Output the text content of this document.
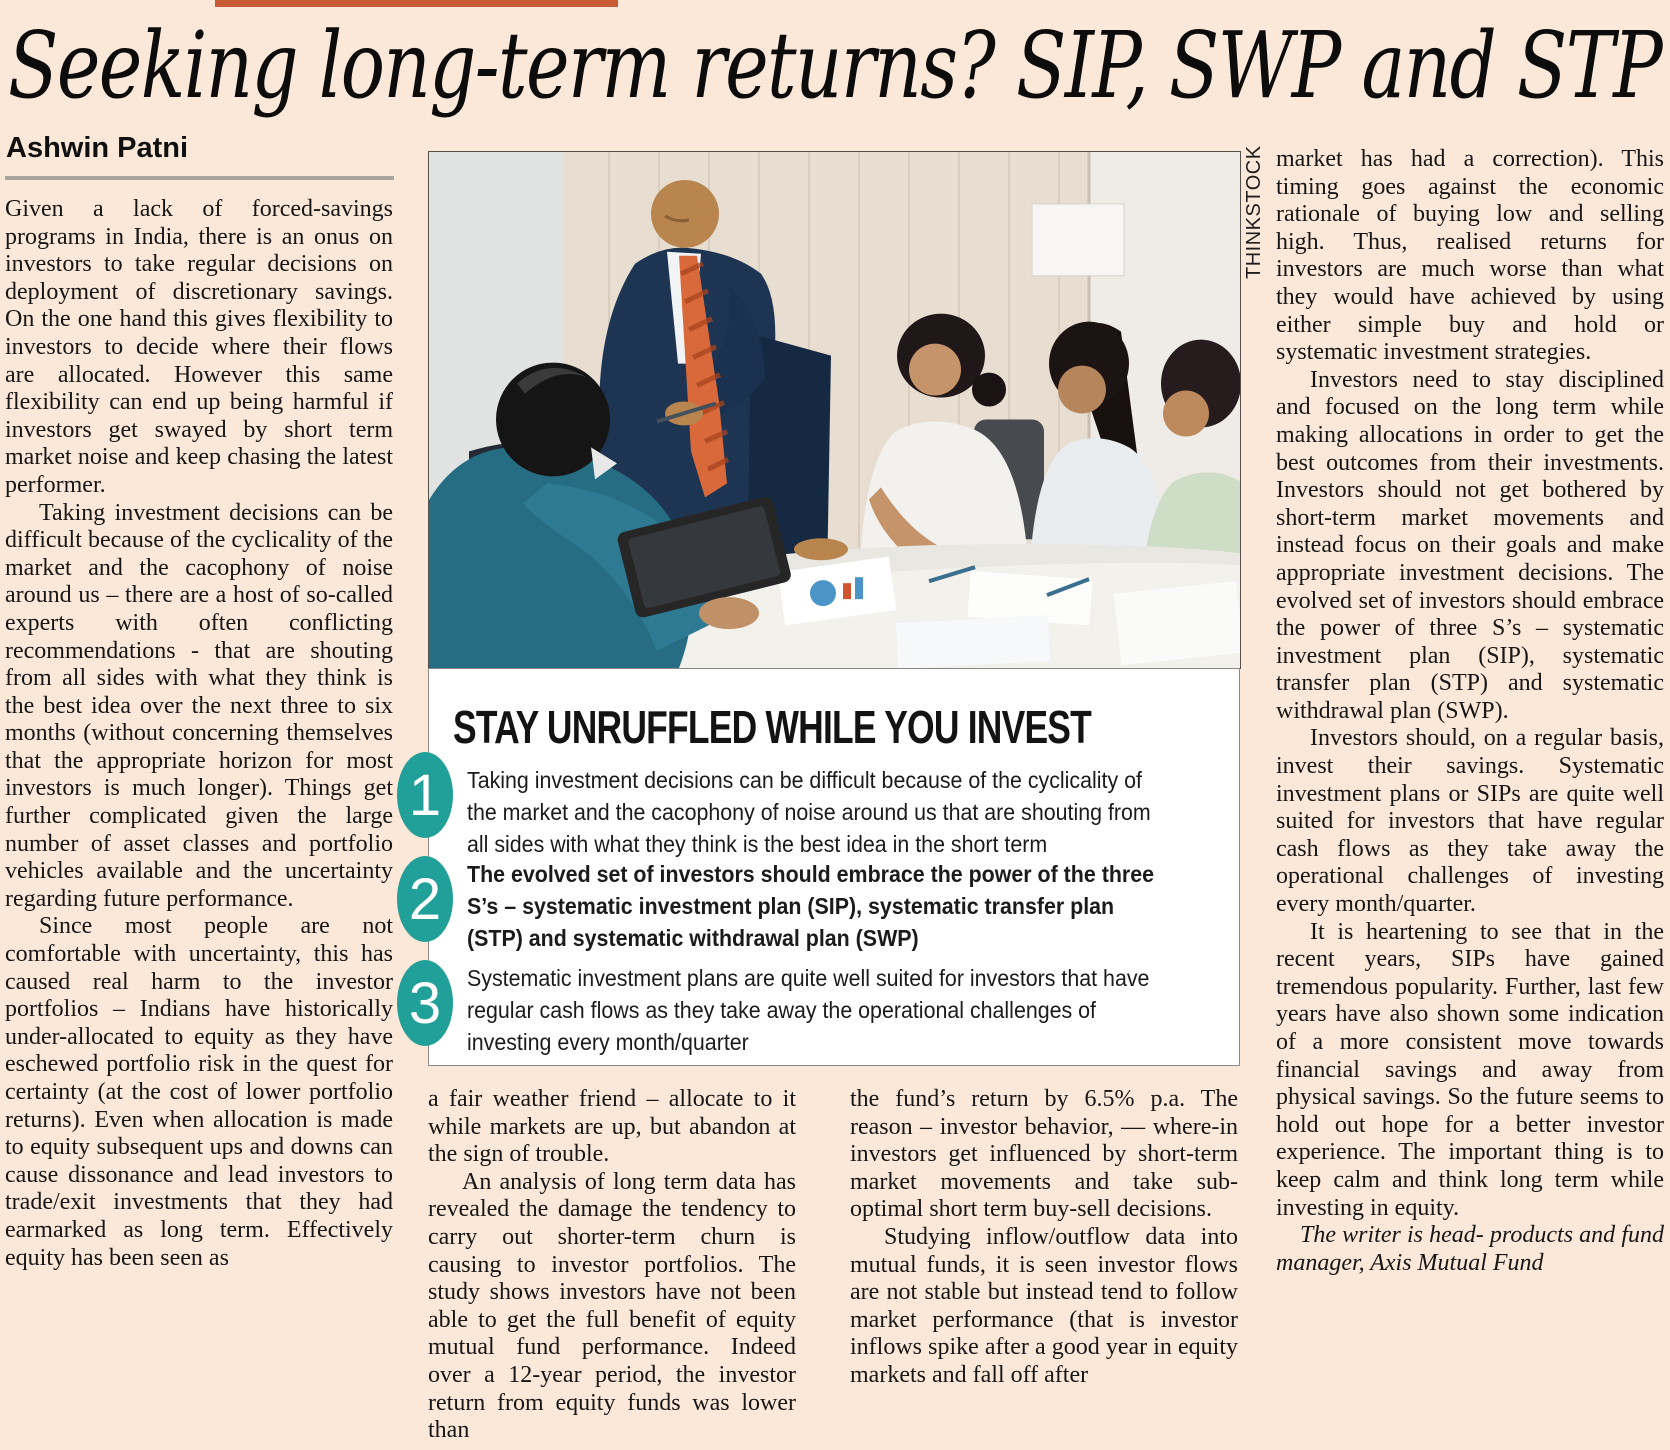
Seeking long-term returns? SIP, SWP and STP
Ashwin Patni

Given a lack of forced-savings programs in India, there is an onus on investors to take regular decisions on deployment of discretionary savings. On the one hand this gives flexibility to investors to decide where their flows are allocated. However this same flexibility can end up being harmful if investors get swayed by short term market noise and keep chasing the latest performer.

Taking investment decisions can be difficult because of the cyclicality of the market and the cacophony of noise around us – there are a host of so-called experts with often conflicting recommendations - that are shouting from all sides with what they think is the best idea over the next three to six months (without concerning themselves that the appropriate horizon for most investors is much longer). Things get further complicated given the large number of asset classes and portfolio vehicles available and the uncertainty regarding future performance.

Since most people are not comfortable with uncertainty, this has caused real harm to the investor portfolios – Indians have historically under-allocated to equity as they have eschewed portfolio risk in the quest for certainty (at the cost of lower portfolio returns). Even when allocation is made to equity subsequent ups and downs can cause dissonance and lead investors to trade/exit investments that they had earmarked as long term. Effectively equity has been seen as

THINKSTOCK
STAY UNRUFFLED WHILE YOU INVEST
1	Taking investment decisions can be difficult because of the cyclicality of the market and the cacophony of noise around us that are shouting from all sides with what they think is the best idea in the short term
2	The evolved set of investors should embrace the power of the three S’s – systematic investment plan (SIP), systematic transfer plan (STP) and systematic withdrawal plan (SWP)
3	Systematic investment plans are quite well suited for investors that have regular cash flows as they take away the operational challenges of investing every month/quarter

a fair weather friend – allocate to it while markets are up, but abandon at the sign of trouble.

An analysis of long term data has revealed the damage the tendency to carry out shorter-term churn is causing to investor portfolios. The study shows investors have not been able to get the full benefit of equity mutual fund performance. Indeed over a 12-year period, the investor return from equity funds was lower than

the fund’s return by 6.5% p.a. The reason – investor behavior, — where-in investors get influenced by short-term market movements and take sub-optimal short term buy-sell decisions.

Studying inflow/outflow data into mutual funds, it is seen investor flows are not stable but instead tend to follow market performance (that is investor inflows spike after a good year in equity markets and fall off after

market has had a correction). This timing goes against the economic rationale of buying low and selling high. Thus, realised returns for investors are much worse than what they would have achieved by using either simple buy and hold or systematic investment strategies.

Investors need to stay disciplined and focused on the long term while making allocations in order to get the best outcomes from their investments. Investors should not get bothered by short-term market movements and instead focus on their goals and make appropriate investment decisions. The evolved set of investors should embrace the power of three S’s – systematic investment plan (SIP), systematic transfer plan (STP) and systematic withdrawal plan (SWP).

Investors should, on a regular basis, invest their savings. Systematic investment plans or SIPs are quite well suited for investors that have regular cash flows as they take away the operational challenges of investing every month/quarter.

It is heartening to see that in the recent years, SIPs have gained tremendous popularity. Further, last few years have also shown some indication of a more consistent move towards financial savings and away from physical savings. So the future seems to hold out hope for a better investor experience. The important thing is to keep calm and think long term while investing in equity.

The writer is head- products and fund manager, Axis Mutual Fund
